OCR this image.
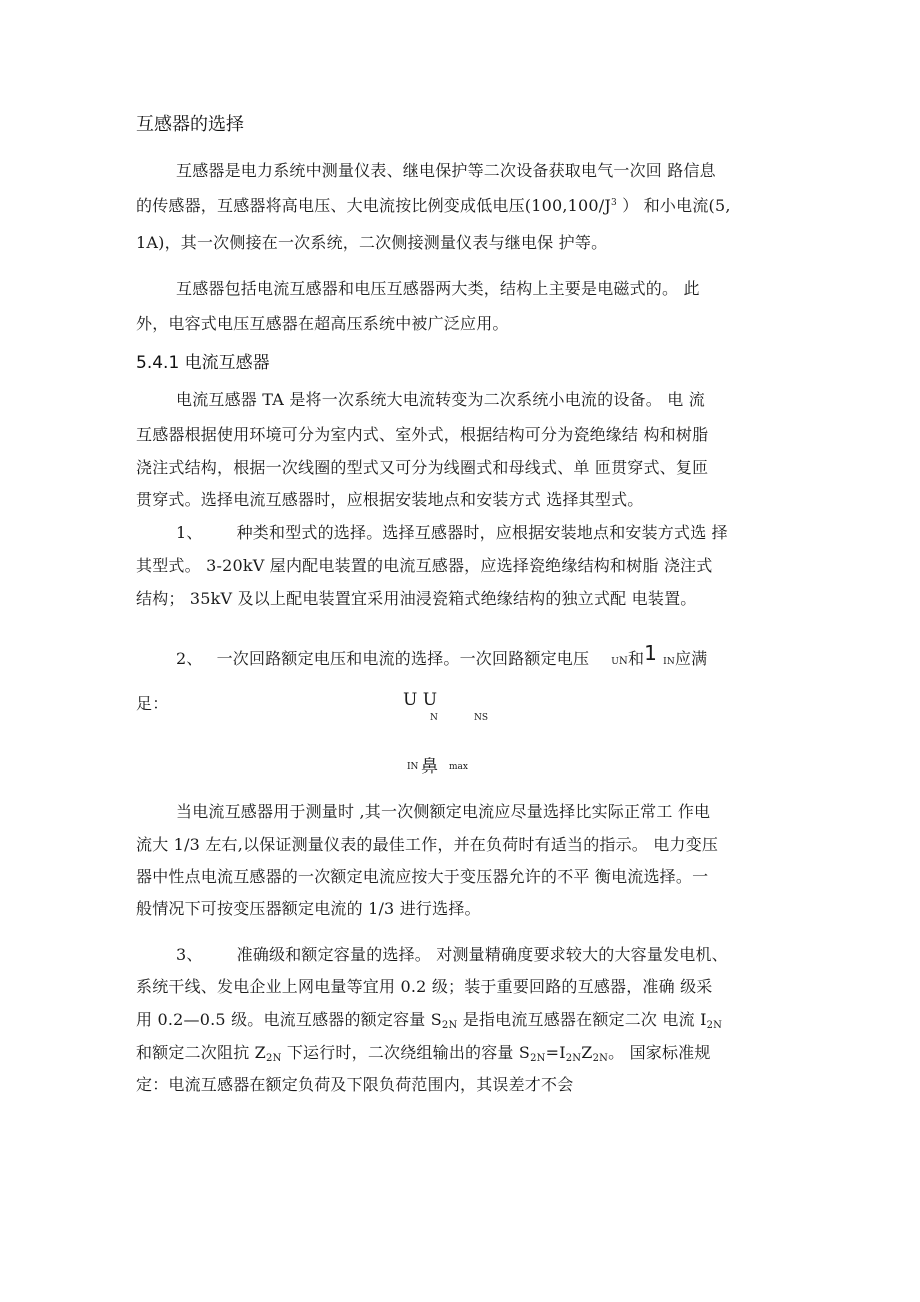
互感器的选择
互感器是电力系统中测量仪表、继电保护等二次设备获取电气一次回 路信息
的传感器，互感器将高电压、大电流按比例变成低电压($100,100/J^3$ ） 和小电流(5,
1A)，其一次侧接在一次系统，二次侧接测量仪表与继电保 护等。
互感器包括电流互感器和电压互感器两大类，结构上主要是电磁式的。 此
外，电容式电压互感器在超高压系统中被广泛应用。
5.4.1 电流互感器
电流互感器 TA 是将一次系统大电流转变为二次系统小电流的设备。 电 流
互感器根据使用环境可分为室内式、室外式，根据结构可分为瓷绝缘结 构和树脂
浇注式结构，根据一次线圈的型式又可分为线圈式和母线式、单 匝贯穿式、复匝
贯穿式。选择电流互感器时，应根据安装地点和安装方式 选择其型式。
1、 种类和型式的选择。选择互感器时，应根据安装地点和安装方式选 择
其型式。 3-20kV 屋内配电装置的电流互感器，应选择瓷绝缘结构和树脂 浇注式
结构； 35kV 及以上配电装置宜采用油浸瓷箱式绝缘结构的独立式配 电装置。
2、 一次回路额定电压和电流的选择。一次回路额定电压 UN和1 IN应满
足：	U U
N	NS
IN 鼻 max
当电流互感器用于测量时 ,其一次侧额定电流应尽量选择比实际正常工 作电
流大 1/3 左右,以保证测量仪表的最佳工作，并在负荷时有适当的指示。 电力变压
器中性点电流互感器的一次额定电流应按大于变压器允许的不平 衡电流选择。一
般情况下可按变压器额定电流的 1/3 进行选择。
3、 准确级和额定容量的选择。 对测量精确度要求较大的大容量发电机、
系统干线、发电企业上网电量等宜用 0.2 级；装于重要回路的互感器，准确 级采
用 0.2—0.5 级。电流互感器的额定容量 $S_{2N}$ 是指电流互感器在额定二次 电流 $I_{2N}$
和额定二次阻抗 $Z_{2N}$ 下运行时，二次绕组输出的容量 $S_{2N}=I_{2N}Z_{2N}$。 国家标准规
定：电流互感器在额定负荷及下限负荷范围内，其误差才不会
